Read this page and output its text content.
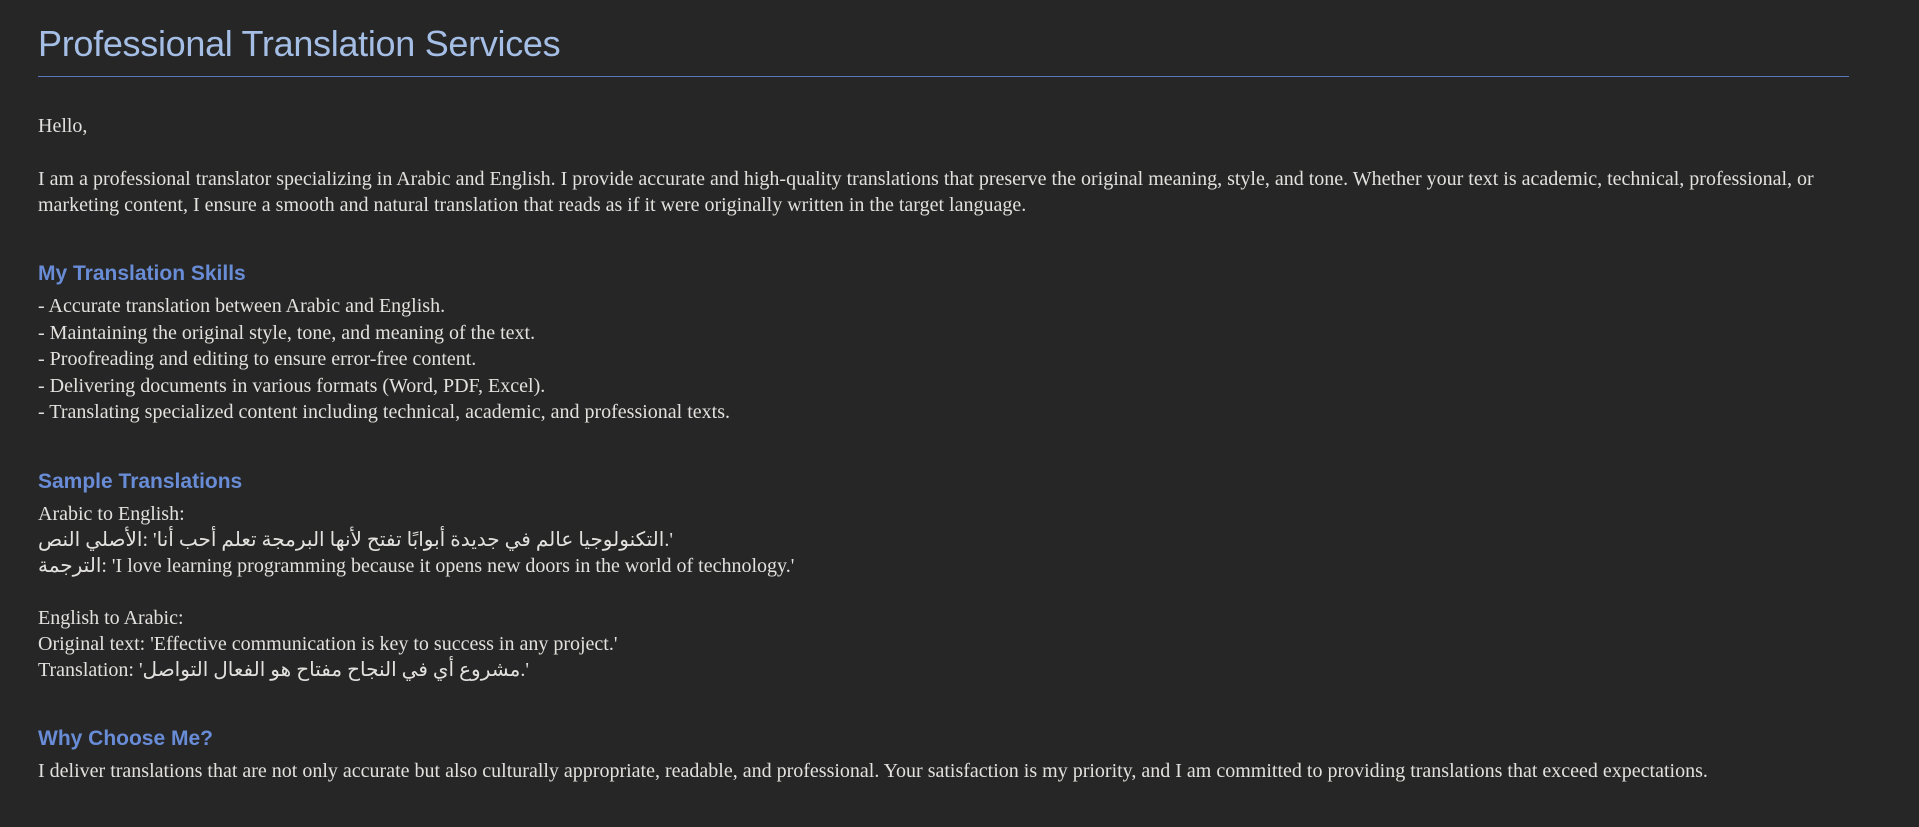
Professional Translation Services

Hello,

I am a professional translator specializing in Arabic and English. I provide accurate and high-quality translations that preserve the original meaning, style, and tone. Whether your text is academic, technical, professional, or marketing content, I ensure a smooth and natural translation that reads as if it were originally written in the target language.

My Translation Skills
- Accurate translation between Arabic and English.
- Maintaining the original style, tone, and meaning of the text.
- Proofreading and editing to ensure error-free content.
- Delivering documents in various formats (Word, PDF, Excel).
- Translating specialized content including technical, academic, and professional texts.
Sample Translations

Arabic to English:

النص الأصلي: 'أنا أحب تعلم البرمجة لأنها تفتح أبوابًا جديدة في عالم التكنولوجيا.'

الترجمة: 'I love learning programming because it opens new doors in the world of technology.'

English to Arabic:

Original text: 'Effective communication is key to success in any project.'

Translation: 'التواصل الفعال هو مفتاح النجاح في أي مشروع.'

Why Choose Me?

I deliver translations that are not only accurate but also culturally appropriate, readable, and professional. Your satisfaction is my priority, and I am committed to providing translations that exceed expectations.
